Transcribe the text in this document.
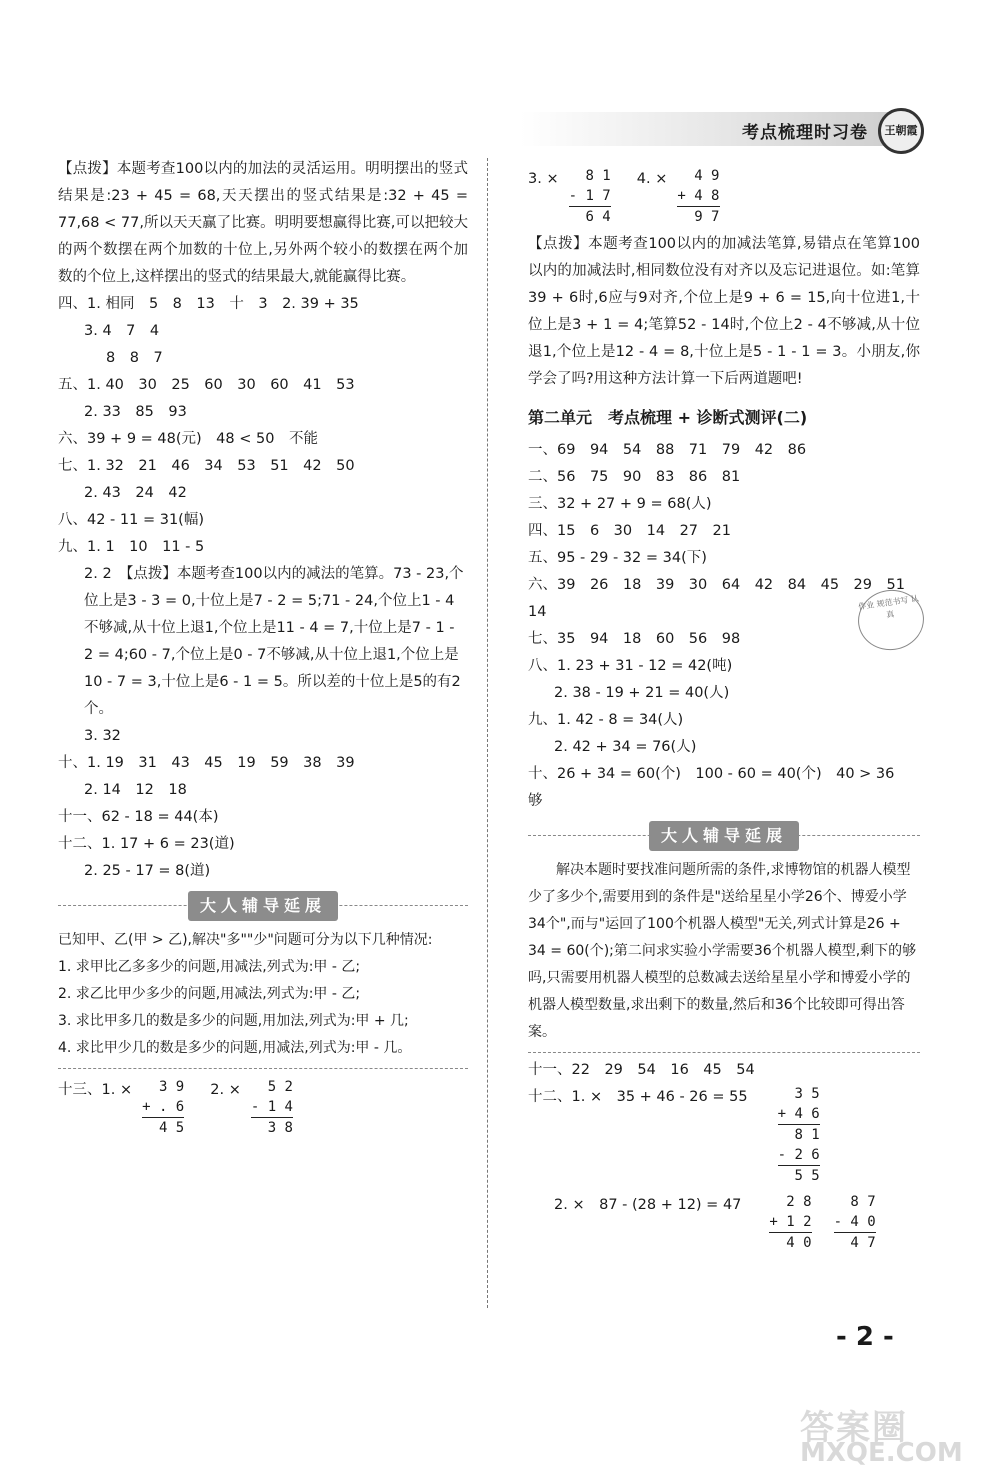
考点梳理时习卷	王朝霞

【点拨】本题考查100以内的加法的灵活运用。明明摆出的竖式结果是:23 + 45 = 68,天天摆出的竖式结果是:32 + 45 = 77,68 < 77,所以天天赢了比赛。明明要想赢得比赛,可以把较大的两个数摆在两个加数的十位上,另外两个较小的数摆在两个加数的个位上,这样摆出的竖式的结果最大,就能赢得比赛。

四、1. 相同　5　8　13　十　3　2. 39 + 35

3. 4　7　4

8　8　7

五、1. 40　30　25　60　30　60　41　53

2. 33　85　93

六、39 + 9 = 48(元)　48 < 50　不能

七、1. 32　21　46　34　53　51　42　50

2. 43　24　42

八、42 - 11 = 31(幅)

九、1. 1　10　11 - 5

2. 2　【点拨】本题考查100以内的减法的笔算。73 - 23,个位上是3 - 3 = 0,十位上是7 - 2 = 5;71 - 24,个位上1 - 4不够减,从十位上退1,个位上是11 - 4 = 7,十位上是7 - 1 - 2 = 4;60 - 7,个位上是0 - 7不够减,从十位上退1,个位上是10 - 7 = 3,十位上是6 - 1 = 5。所以差的十位上是5的有2个。

3. 32

十、1. 19　31　43　45　19　59　38　39

2. 14　12　18

十一、62 - 18 = 44(本)

十二、1. 17 + 6 = 23(道)

2. 25 - 17 = 8(道)

大人辅导延展

已知甲、乙(甲 > 乙),解决"多""少"问题可分为以下几种情况:

1. 求甲比乙多多少的问题,用减法,列式为:甲 - 乙;

2. 求乙比甲少多少的问题,用减法,列式为:甲 - 乙;

3. 求比甲多几的数是多少的问题,用加法,列式为:甲 + 几;

4. 求比甲少几的数是多少的问题,用减法,列式为:甲 - 几。

十三、1. × 3 9
+ . 6
4 5
2. × 5 2
- 1 4
3 8
3. × 8 1
- 1 7
6 4
4. × 4 9
+ 4 8
9 7

【点拨】本题考查100以内的加减法笔算,易错点在笔算100以内的加减法时,相同数位没有对齐以及忘记进退位。如:笔算39 + 6时,6应与9对齐,个位上是9 + 6 = 15,向十位进1,十位上是3 + 1 = 4;笔算52 - 14时,个位上2 - 4不够减,从十位退1,个位上是12 - 4 = 8,十位上是5 - 1 - 1 = 3。小朋友,你学会了吗?用这种方法计算一下后两道题吧!

第二单元　考点梳理 + 诊断式测评(二)

一、69　94　54　88　71　79　42　86

二、56　75　90　83　86　81

三、32 + 27 + 9 = 68(人)

四、15　6　30　14　27　21

五、95 - 29 - 32 = 34(下)

六、39　26　18　39　30　64　42　84　45　29　51　14

七、35　94　18　60　56　98

八、1. 23 + 31 - 12 = 42(吨)

2. 38 - 19 + 21 = 40(人)

九、1. 42 - 8 = 34(人)

2. 42 + 34 = 76(人)

十、26 + 34 = 60(个)　100 - 60 = 40(个)　40 > 36　够

大人辅导延展

解决本题时要找准问题所需的条件,求博物馆的机器人模型少了多少个,需要用到的条件是"送给星星小学26个、博爱小学34个",而与"运回了100个机器人模型"无关,列式计算是26 + 34 = 60(个);第二问求实验小学需要36个机器人模型,剩下的够吗,只需要用机器人模型的总数减去送给星星小学和博爱小学的机器人模型数量,求出剩下的数量,然后和36个比较即可得出答案。

十一、22　29　54　16　45　54

十二、1. ×　35 + 46 - 26 = 55 3 5
+ 4 6
8 1
- 2 6
5 5
2. ×　87 - (28 + 12) = 47 2 8
+ 1 2
4 0
8 7
- 4 0
4 7
作业 规范书写 认真
- 2 -
答案圈
MXQE.COM
